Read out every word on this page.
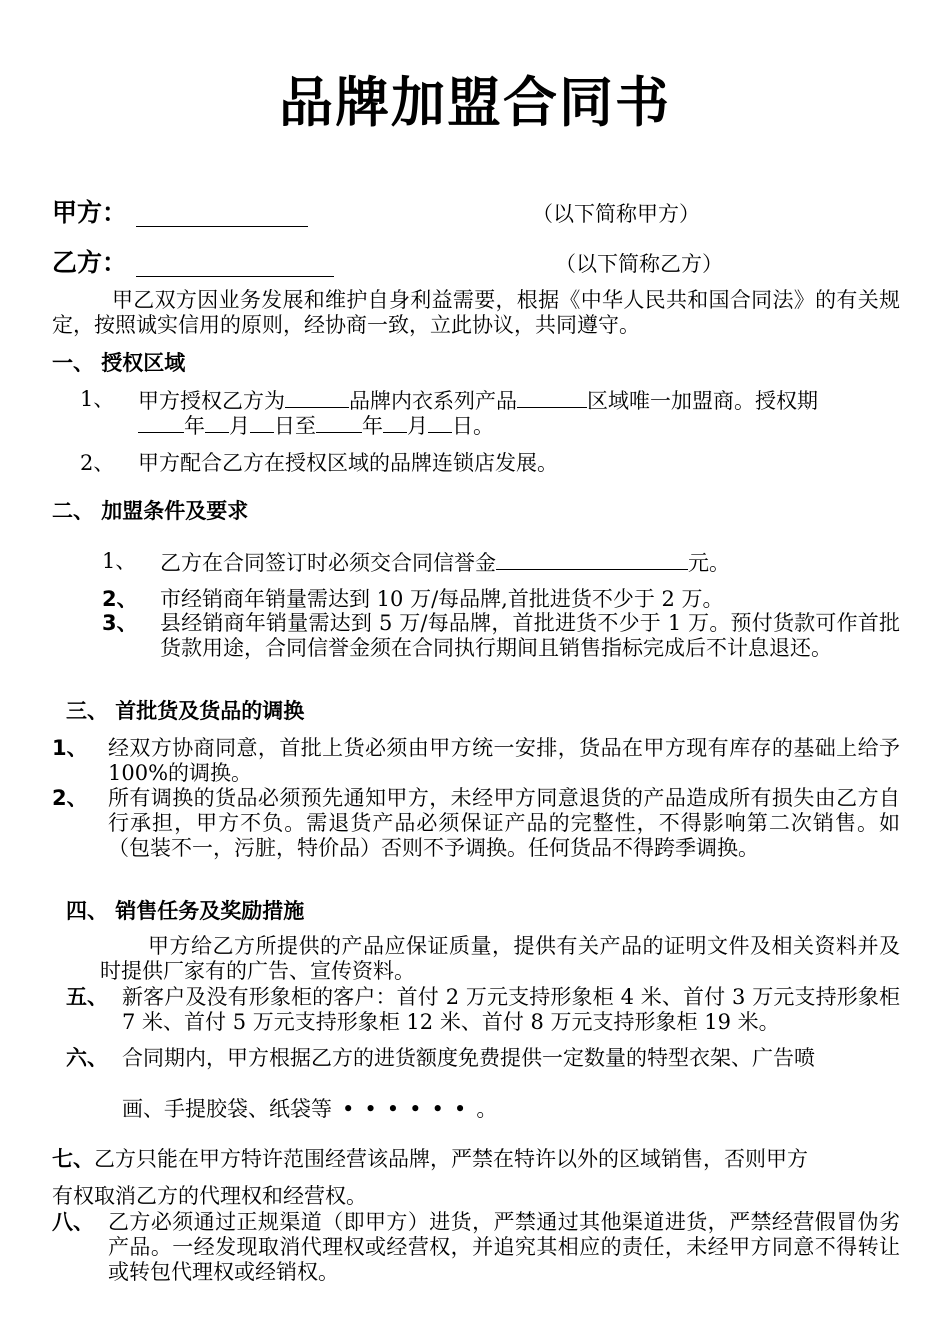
品牌加盟合同书
甲方：	（以下简称甲方）
乙方：	（以下简称乙方）
甲乙双方因业务发展和维护自身利益需要，根据《中华人民共和国合同法》的有关规定，按照诚实信用的原则，经协商一致，立此协议，共同遵守。
一、 授权区域
1、 甲方授权乙方为	品牌内衣系列产品	区域唯一加盟商。授权期
年 月 日至 年 月 日。
2、 甲方配合乙方在授权区域的品牌连锁店发展。
二、 加盟条件及要求
1、 乙方在合同签订时必须交合同信誉金	元。
2、 市经销商年销量需达到 10 万/每品牌,首批进货不少于 2 万。
3、 县经销商年销量需达到 5 万/每品牌，首批进货不少于 1 万。预付货款可作首批货款用途，合同信誉金须在合同执行期间且销售指标完成后不计息退还。
三、 首批货及货品的调换
1、 经双方协商同意，首批上货必须由甲方统一安排，货品在甲方现有库存的基础上给予 100%的调换。
2、 所有调换的货品必须预先通知甲方，未经甲方同意退货的产品造成所有损失由乙方自行承担，甲方不负。需退货产品必须保证产品的完整性，不得影响第二次销售。如（包装不一，污脏，特价品）否则不予调换。任何货品不得跨季调换。
四、 销售任务及奖励措施
甲方给乙方所提供的产品应保证质量，提供有关产品的证明文件及相关资料并及时提供厂家有的广告、宣传资料。
五、 新客户及没有形象柜的客户：首付 2 万元支持形象柜 4 米、首付 3 万元支持形象柜 7 米、首付 5 万元支持形象柜 12 米、首付 8 万元支持形象柜 19 米。
六、 合同期内，甲方根据乙方的进货额度免费提供一定数量的特型衣架、广告喷
画、手提胶袋、纸袋等 ••••••。
七、乙方只能在甲方特许范围经营该品牌，严禁在特许以外的区域销售，否则甲方
有权取消乙方的代理权和经营权。
八、 乙方必须通过正规渠道（即甲方）进货，严禁通过其他渠道进货，严禁经营假冒伪劣产品。一经发现取消代理权或经营权，并追究其相应的责任，未经甲方同意不得转让或转包代理权或经销权。
